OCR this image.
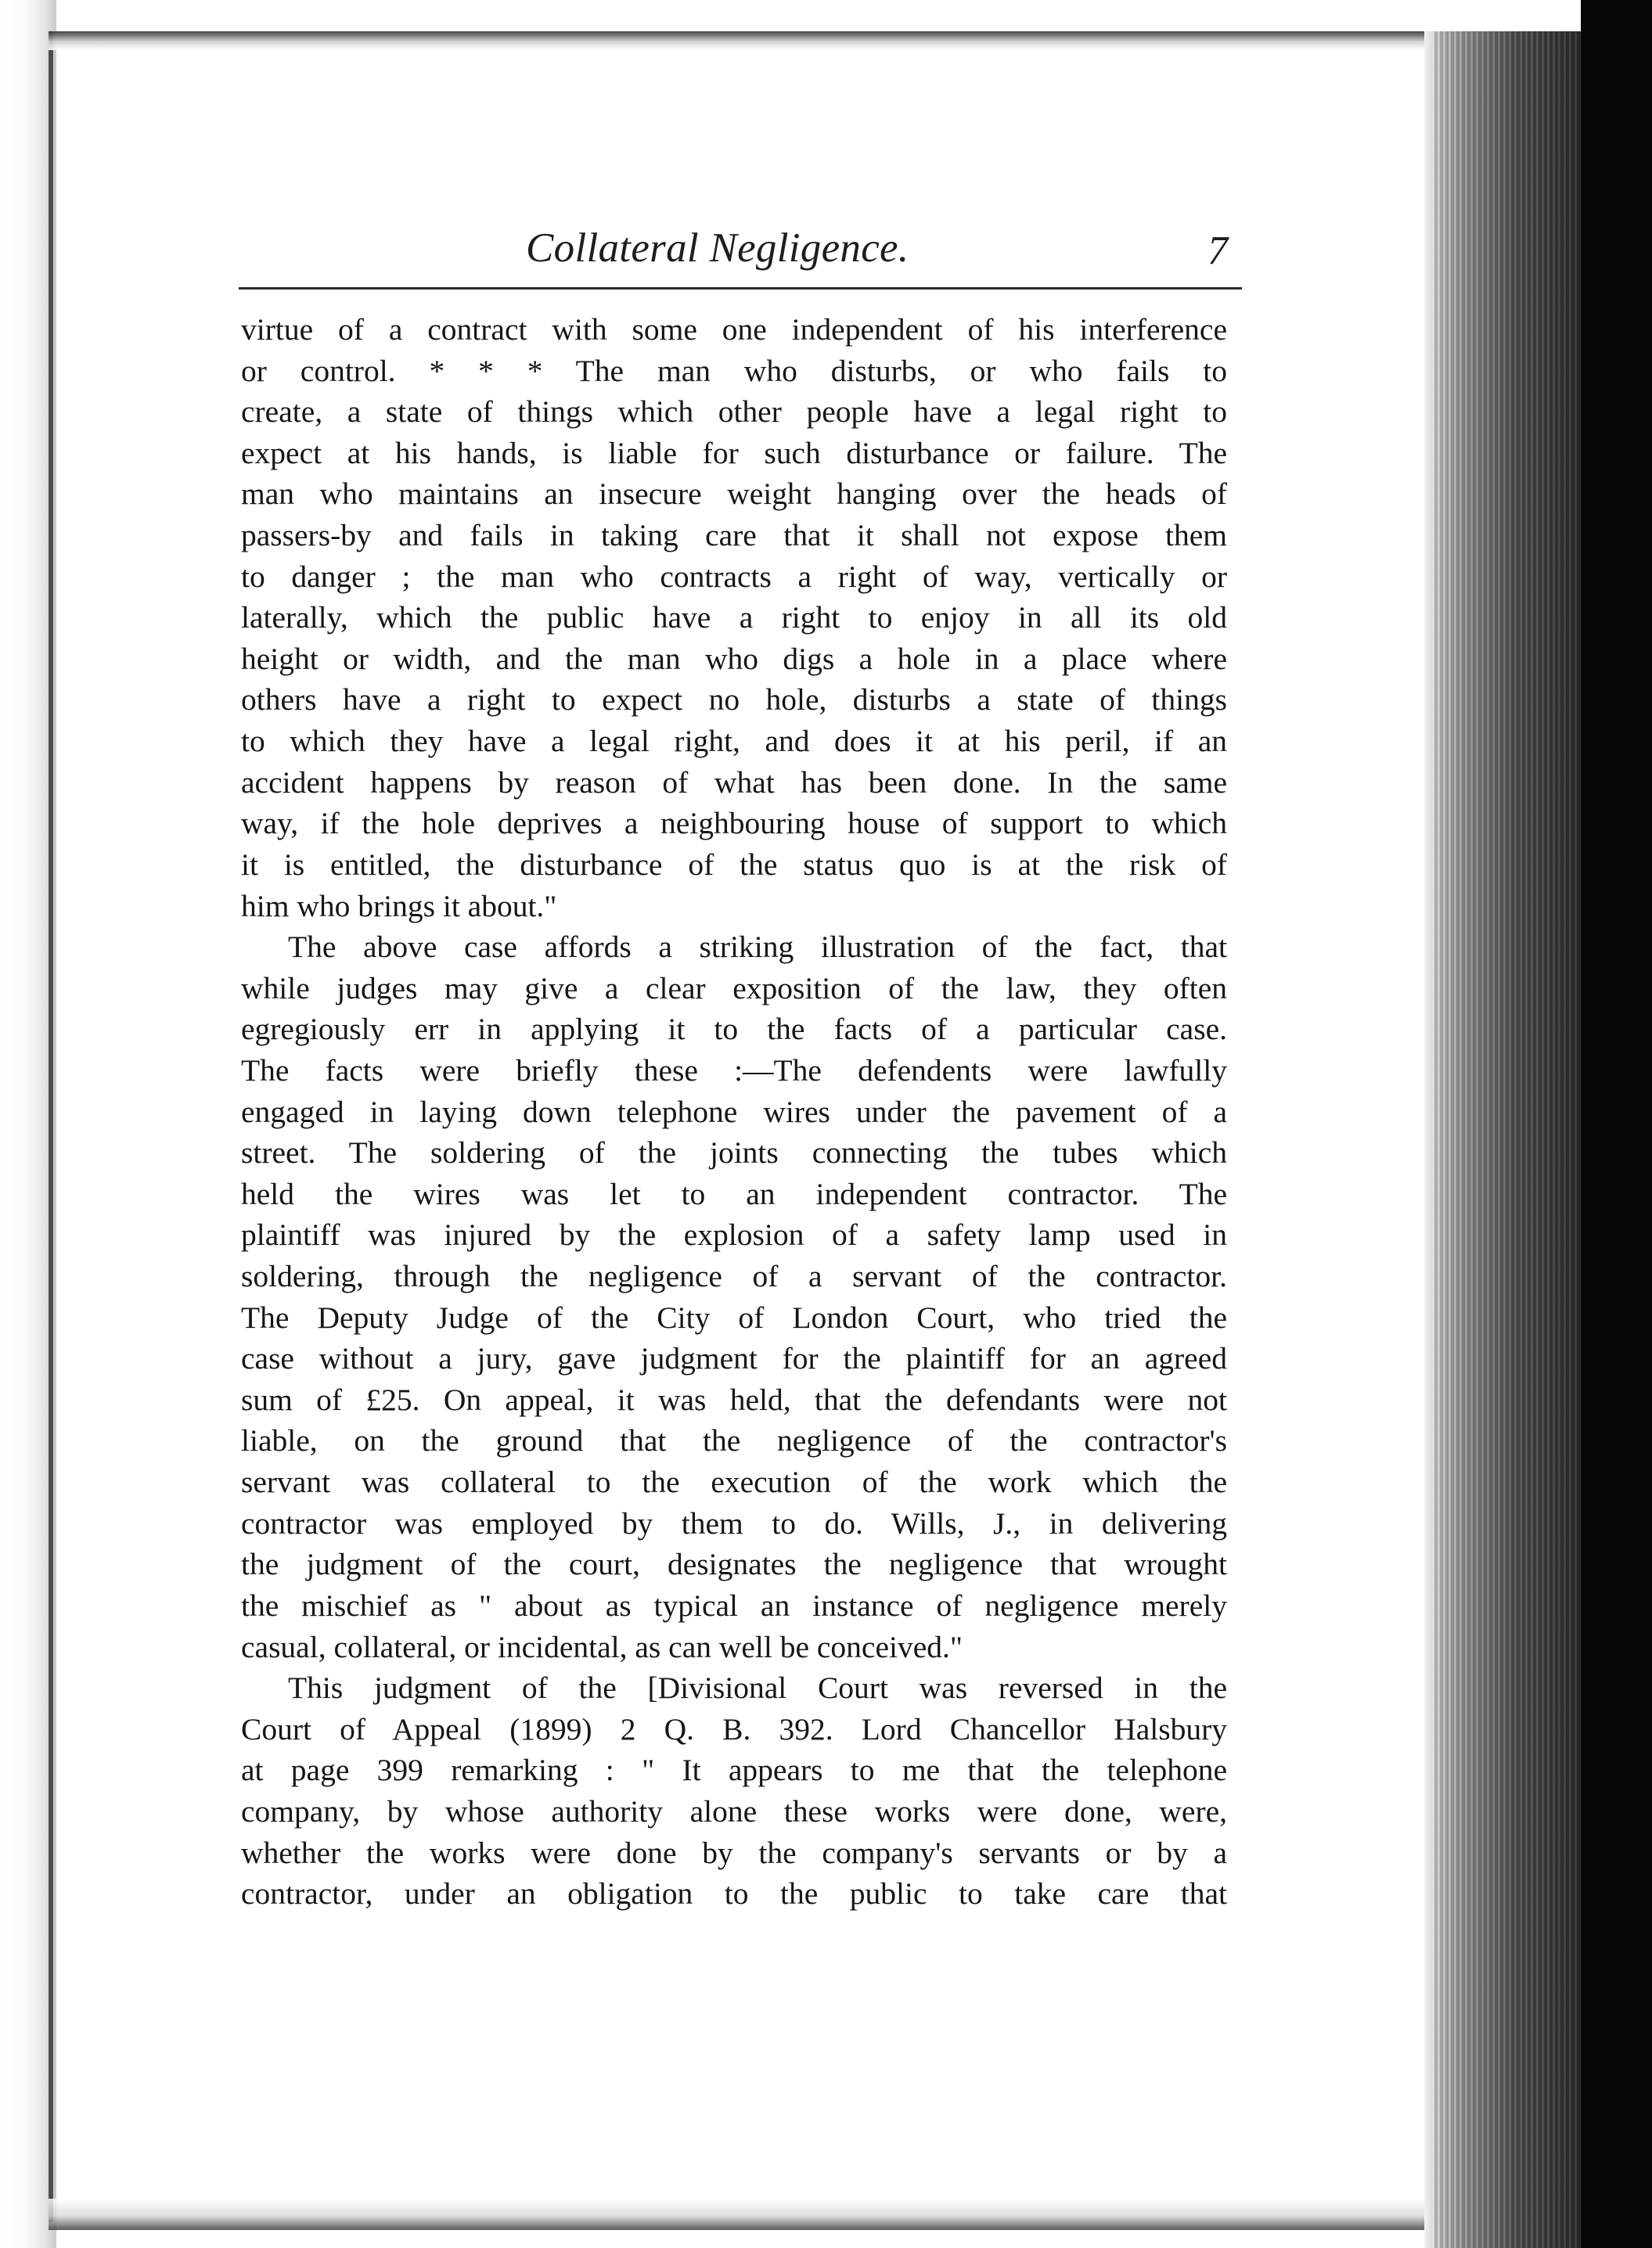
Collateral Negligence.	7
virtue of a contract with some one independent of his interference
or control. * * * The man who disturbs, or who fails to
create, a state of things which other people have a legal right to
expect at his hands, is liable for such disturbance or failure. The
man who maintains an insecure weight hanging over the heads of
passers-by and fails in taking care that it shall not expose them
to danger ; the man who contracts a right of way, vertically or
laterally, which the public have a right to enjoy in all its old
height or width, and the man who digs a hole in a place where
others have a right to expect no hole, disturbs a state of things
to which they have a legal right, and does it at his peril, if an
accident happens by reason of what has been done. In the same
way, if the hole deprives a neighbouring house of support to which
it is entitled, the disturbance of the status quo is at the risk of
him who brings it about."
The above case affords a striking illustration of the fact, that
while judges may give a clear exposition of the law, they often
egregiously err in applying it to the facts of a particular case.
The facts were briefly these :—The defendents were lawfully
engaged in laying down telephone wires under the pavement of a
street. The soldering of the joints connecting the tubes which
held the wires was let to an independent contractor. The
plaintiff was injured by the explosion of a safety lamp used in
soldering, through the negligence of a servant of the contractor.
The Deputy Judge of the City of London Court, who tried the
case without a jury, gave judgment for the plaintiff for an agreed
sum of £25. On appeal, it was held, that the defendants were not
liable, on the ground that the negligence of the contractor's
servant was collateral to the execution of the work which the
contractor was employed by them to do. Wills, J., in delivering
the judgment of the court, designates the negligence that wrought
the mischief as " about as typical an instance of negligence merely
casual, collateral, or incidental, as can well be conceived."
This judgment of the [Divisional Court was reversed in the
Court of Appeal (1899) 2 Q. B. 392. Lord Chancellor Halsbury
at page 399 remarking : " It appears to me that the telephone
company, by whose authority alone these works were done, were,
whether the works were done by the company's servants or by a
contractor, under an obligation to the public to take care that
